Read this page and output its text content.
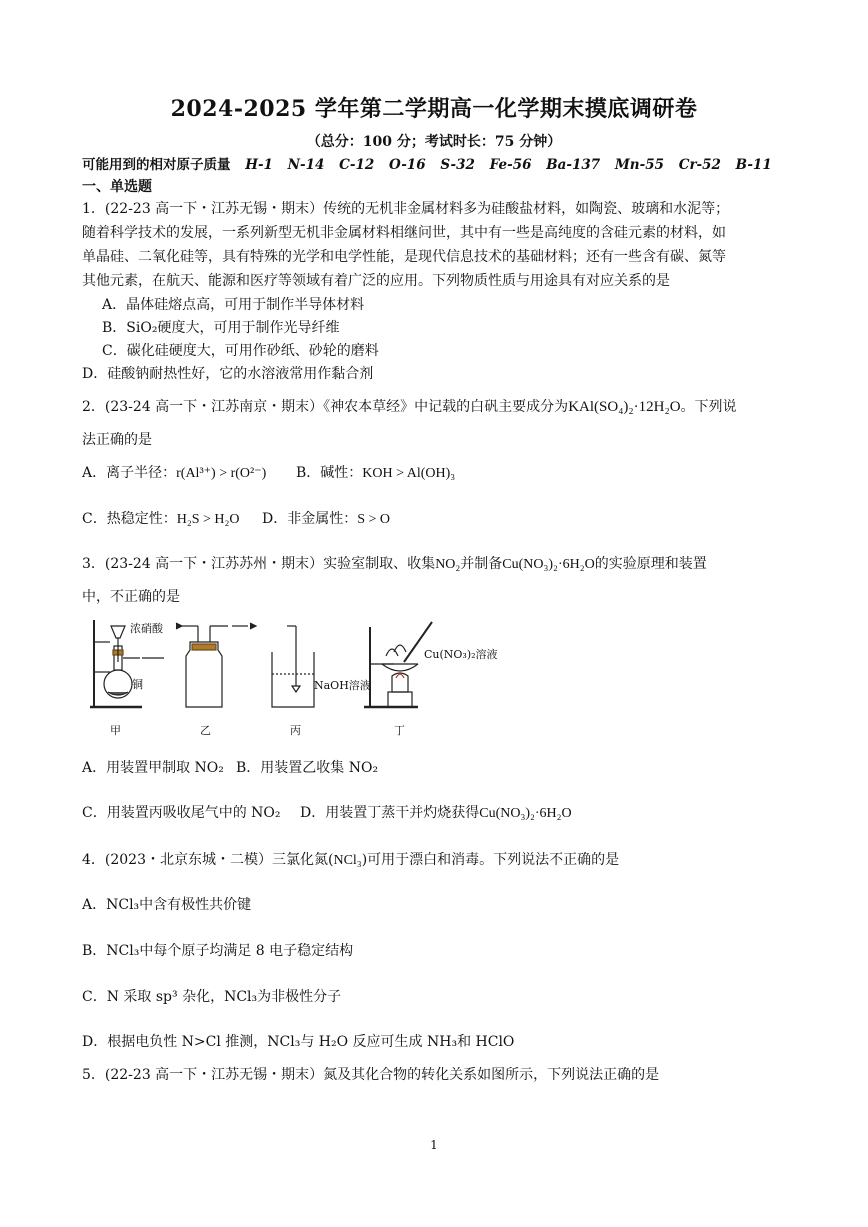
2024-2025 学年第二学期高一化学期末摸底调研卷
（总分：100 分；考试时长：75 分钟）
可能用到的相对原子质量 H-1 N-14 C-12 O-16 S-32 Fe-56 Ba-137 Mn-55 Cr-52 B-11
一、单选题
1．(22-23 高一下・江苏无锡・期末）传统的无机非金属材料多为硅酸盐材料，如陶瓷、玻璃和水泥等；
随着科学技术的发展，一系列新型无机非金属材料相继问世，其中有一些是高纯度的含硅元素的材料，如
单晶硅、二氧化硅等，具有特殊的光学和电学性能，是现代信息技术的基础材料；还有一些含有碳、氮等
其他元素，在航天、能源和医疗等领域有着广泛的应用。下列物质性质与用途具有对应关系的是
A．晶体硅熔点高，可用于制作半导体材料
B．SiO₂硬度大，可用于制作光导纤维
C．碳化硅硬度大，可用作砂纸、砂轮的磨料
D．硅酸钠耐热性好，它的水溶液常用作黏合剂
2．(23-24 高一下・江苏南京・期末）《神农本草经》中记载的白矾主要成分为KAl(SO₄)₂·12H₂O。下列说
法正确的是
A．离子半径：r(Al³⁺) > r(O²⁻) B．碱性：KOH > Al(OH)₃
C．热稳定性：H₂S > H₂O D．非金属性：S > O
3．(23-24 高一下・江苏苏州・期末）实验室制取、收集NO₂并制备Cu(NO₃)₂·6H₂O的实验原理和装置
中，不正确的是
浓硝酸
铜	NaOH溶液
Cu(NO₃)₂溶液
甲	乙	丙	丁
A．用装置甲制取 NO₂ B．用装置乙收集 NO₂
C．用装置丙吸收尾气中的 NO₂ D．用装置丁蒸干并灼烧获得Cu(NO₃)₂·6H₂O
4．(2023・北京东城・二模）三氯化氮(NCl₃)可用于漂白和消毒。下列说法不正确的是
A．NCl₃中含有极性共价键
B．NCl₃中每个原子均满足 8 电子稳定结构
C．N 采取 sp³ 杂化，NCl₃为非极性分子
D．根据电负性 N>Cl 推测，NCl₃与 H₂O 反应可生成 NH₃和 HClO
5．(22-23 高一下・江苏无锡・期末）氮及其化合物的转化关系如图所示，下列说法正确的是
1
